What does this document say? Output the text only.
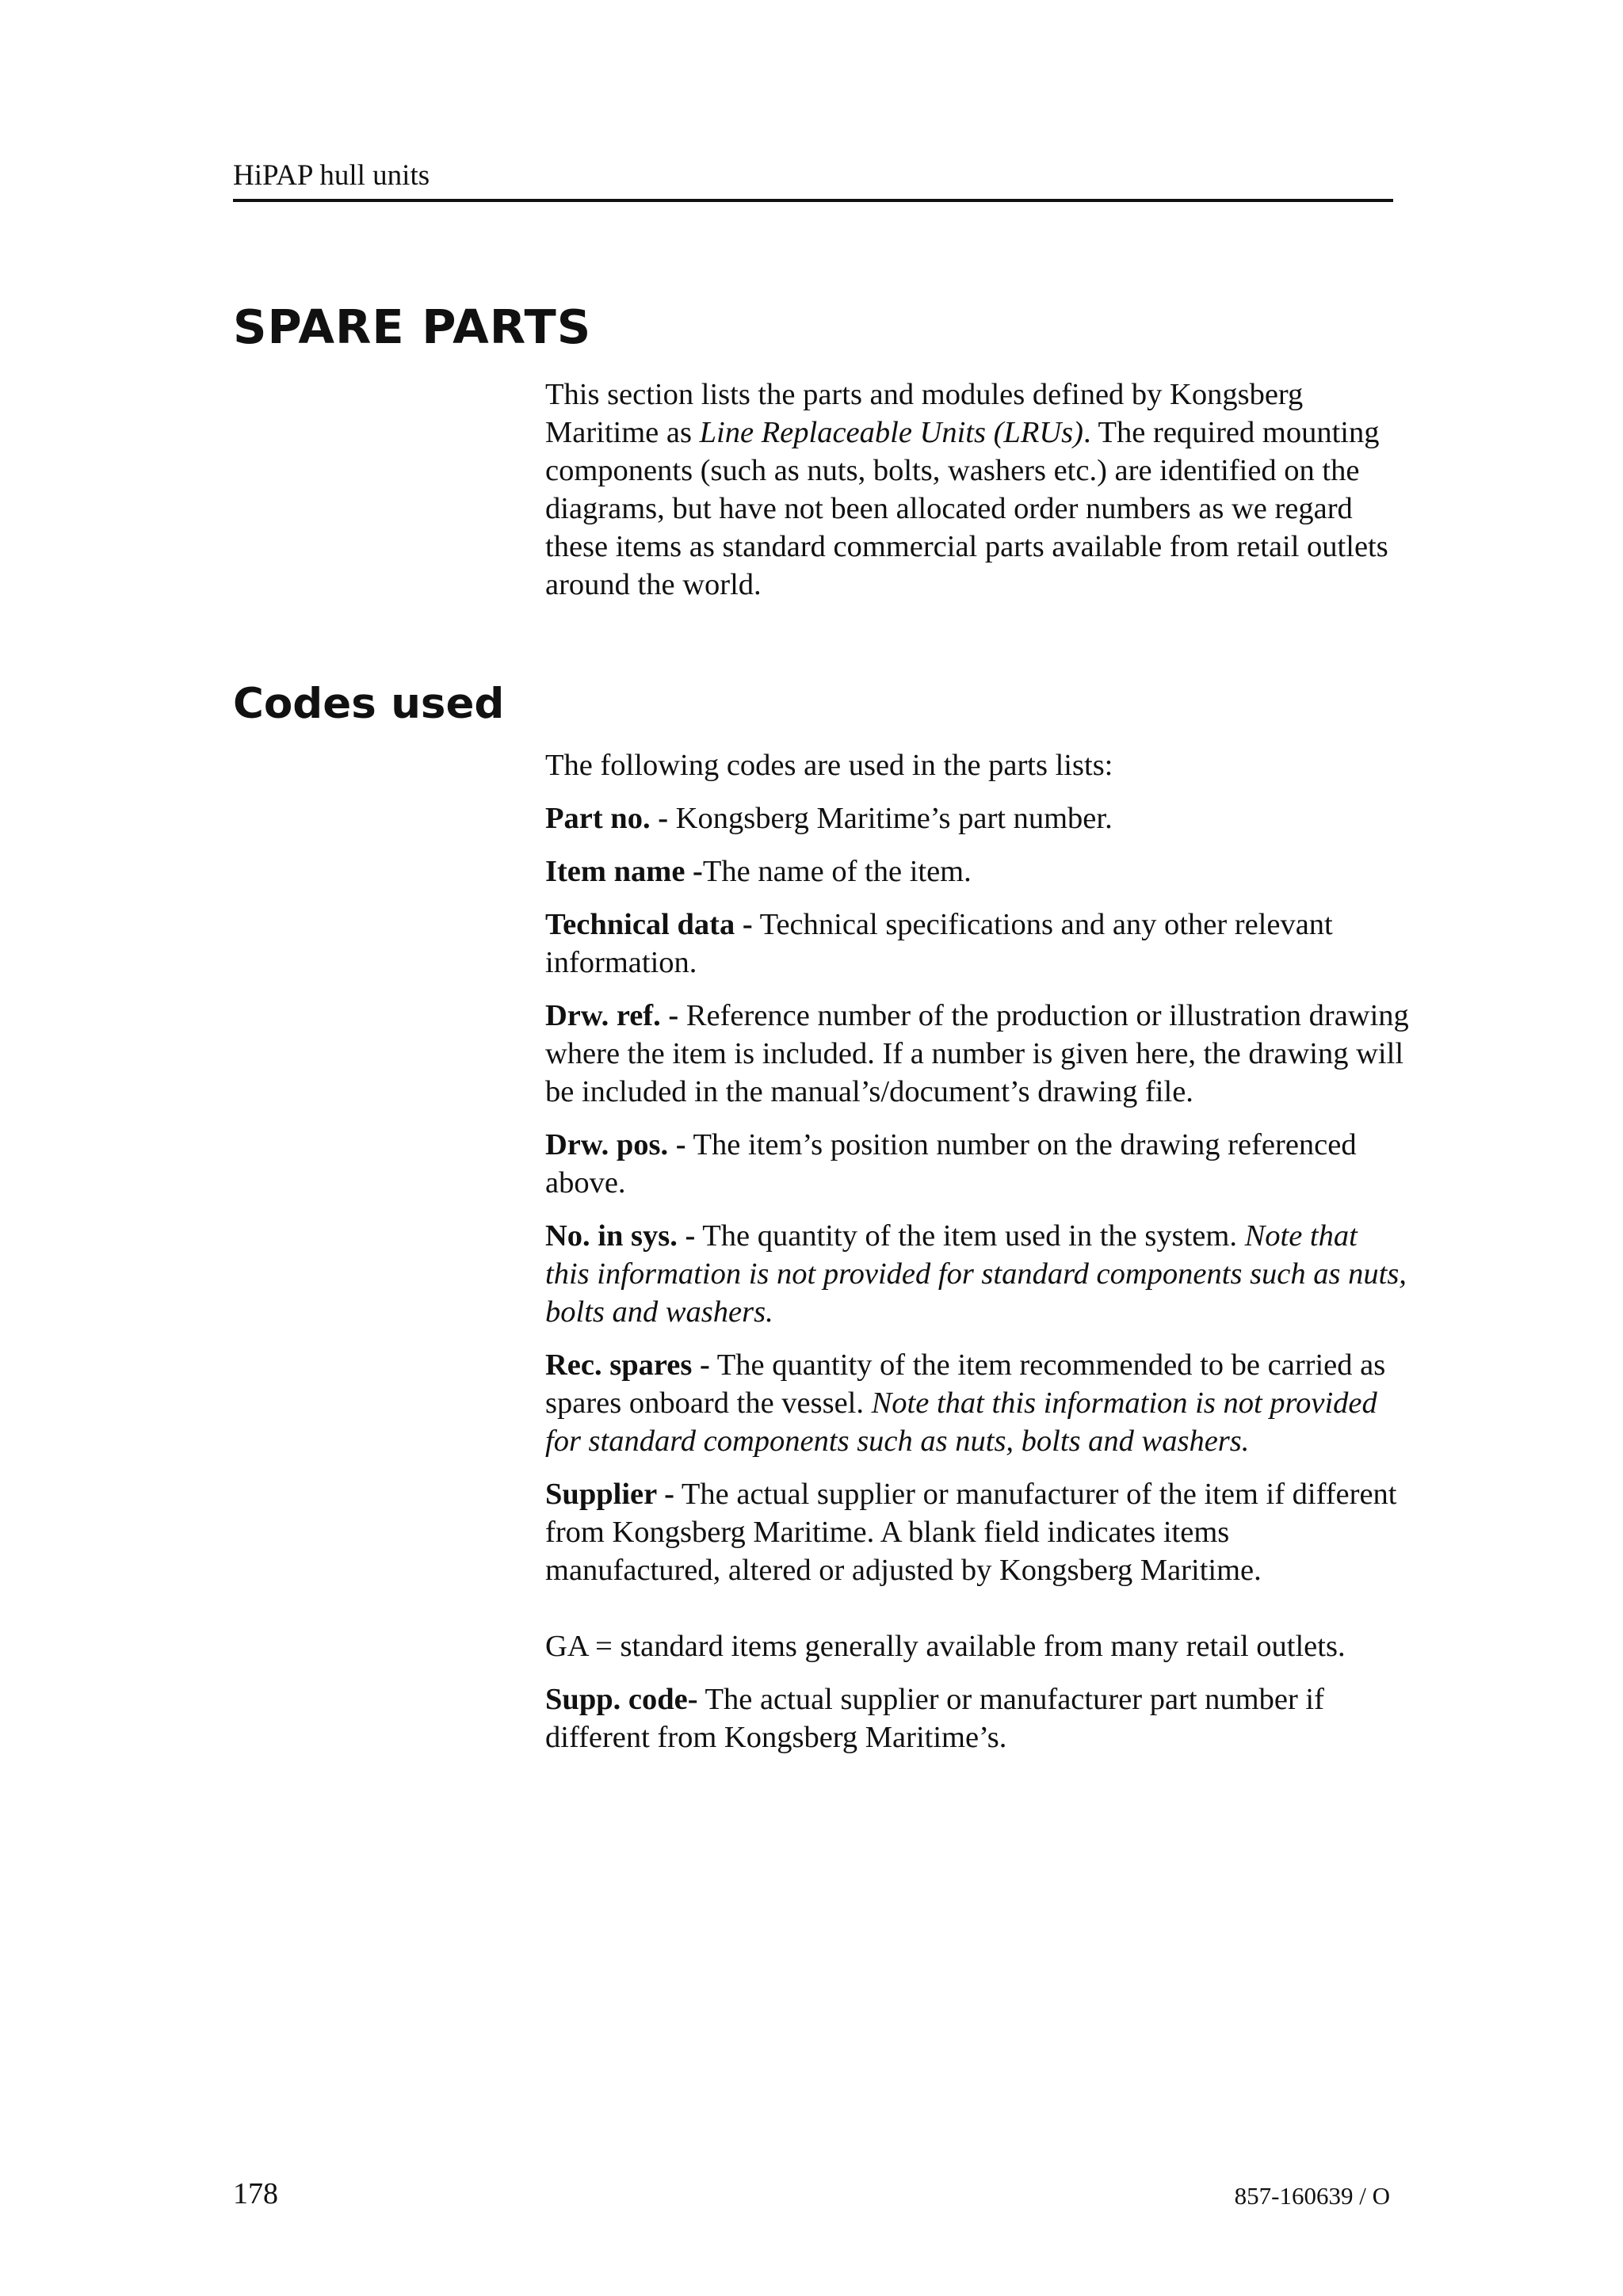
HiPAP hull units
SPARE PARTS

This section lists the parts and modules defined by Kongsberg Maritime as Line Replaceable Units (LRUs). The required mounting components (such as nuts, bolts, washers etc.) are identified on the diagrams, but have not been allocated order numbers as we regard these items as standard commercial parts available from retail outlets around the world.

Codes used

The following codes are used in the parts lists:

Part no. - Kongsberg Maritime’s part number.

Item name -The name of the item.

Technical data - Technical specifications and any other relevant information.

Drw. ref. - Reference number of the production or illustration drawing where the item is included. If a number is given here, the drawing will be included in the manual’s/document’s drawing file.

Drw. pos. - The item’s position number on the drawing referenced above.

No. in sys. - The quantity of the item used in the system. Note that this information is not provided for standard components such as nuts, bolts and washers.

Rec. spares - The quantity of the item recommended to be carried as spares onboard the vessel. Note that this information is not provided for standard components such as nuts, bolts and washers.

Supplier - The actual supplier or manufacturer of the item if different from Kongsberg Maritime. A blank field indicates items manufactured, altered or adjusted by Kongsberg Maritime.

GA = standard items generally available from many retail outlets.

Supp. code- The actual supplier or manufacturer part number if different from Kongsberg Maritime’s.

178	857-160639 / O
